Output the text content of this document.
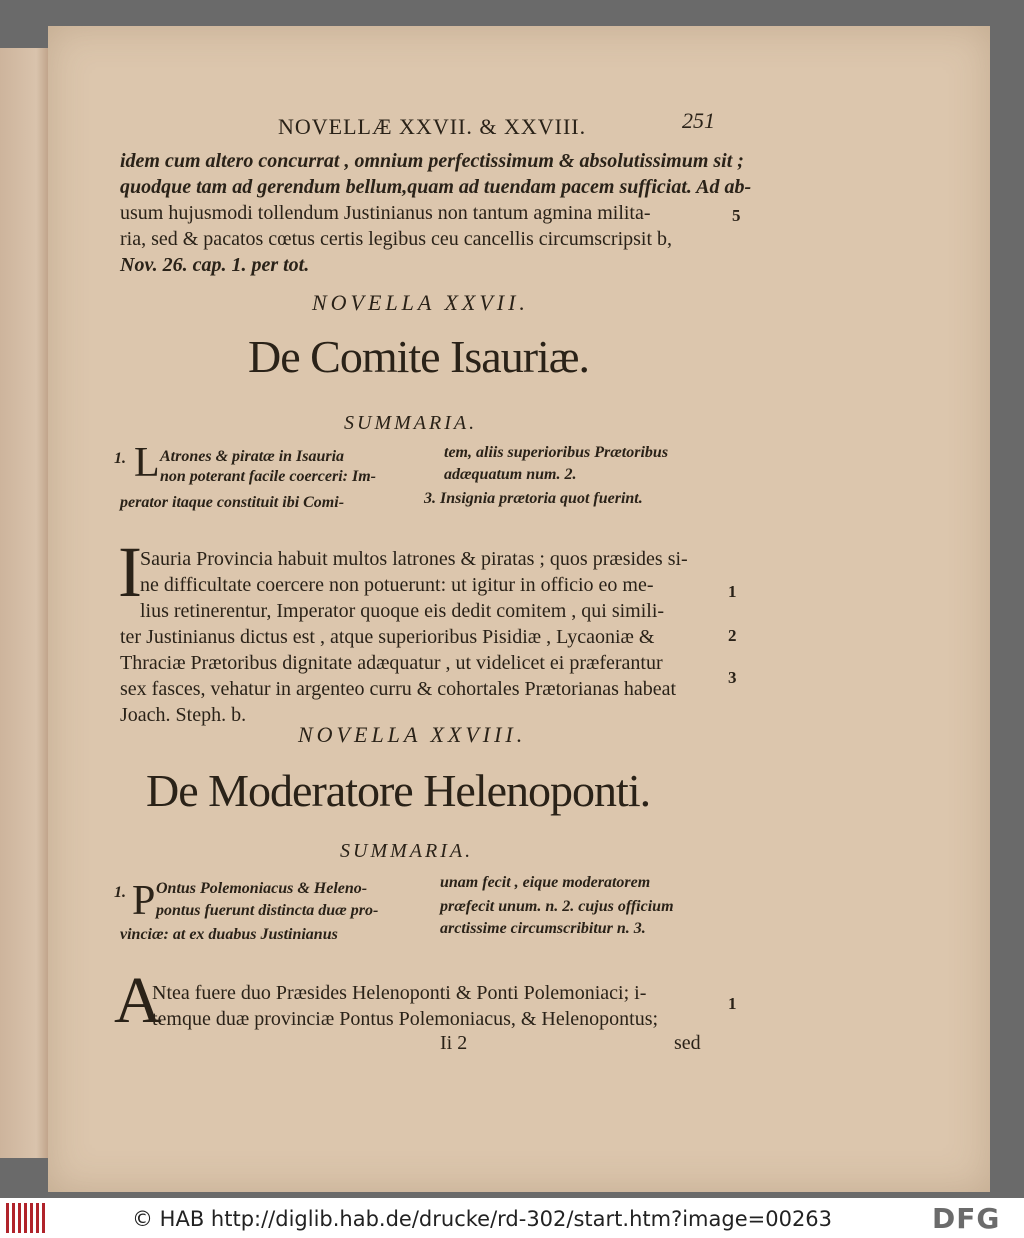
NOVELLÆ XXVII. & XXVIII.	251
idem cum altero concurrat , omnium perfectissimum & absolutissimum sit ;
quodque tam ad gerendum bellum,quam ad tuendam pacem sufficiat. Ad ab-
usum hujusmodi tollendum Justinianus non tantum agmina milita-
ria, sed & pacatos cœtus certis legibus ceu cancellis circumscripsit b,
Nov. 26. cap. 1. per tot.
5
NOVELLA XXVII.
De Comite Isauriæ.
SUMMARIA.
1. L Atrones & piratæ in Isauria
non poterant facile coerceri: Im-
perator itaque constituit ibi Comi-
tem, aliis superioribus Prætoribus
adæquatum num. 2.
3. Insignia prætoria quot fuerint.
I
Sauria Provincia habuit multos latrones & piratas ; quos præsides si-
ne difficultate coercere non potuerunt: ut igitur in officio eo me-
lius retinerentur, Imperator quoque eis dedit comitem , qui simili-
ter Justinianus dictus est , atque superioribus Pisidiæ , Lycaoniæ &
Thraciæ Prætoribus dignitate adæquatur , ut videlicet ei præferantur
sex fasces, vehatur in argenteo curru & cohortales Prætorianas habeat
Joach. Steph. b.
1
2
3
NOVELLA XXVIII.
De Moderatore Helenoponti.
SUMMARIA.
1. P Ontus Polemoniacus & Heleno-
pontus fuerunt distincta duæ pro-
vinciæ: at ex duabus Justinianus
unam fecit , eique moderatorem
præfecit unum. n. 2. cujus officium
arctissime circumscribitur n. 3.
A
Ntea fuere duo Præsides Helenoponti & Ponti Polemoniaci; i-
temque duæ provinciæ Pontus Polemoniacus, & Helenopontus;
1
Ii 2	sed
© HAB http://diglib.hab.de/drucke/rd-302/start.htm?image=00263	DFG
